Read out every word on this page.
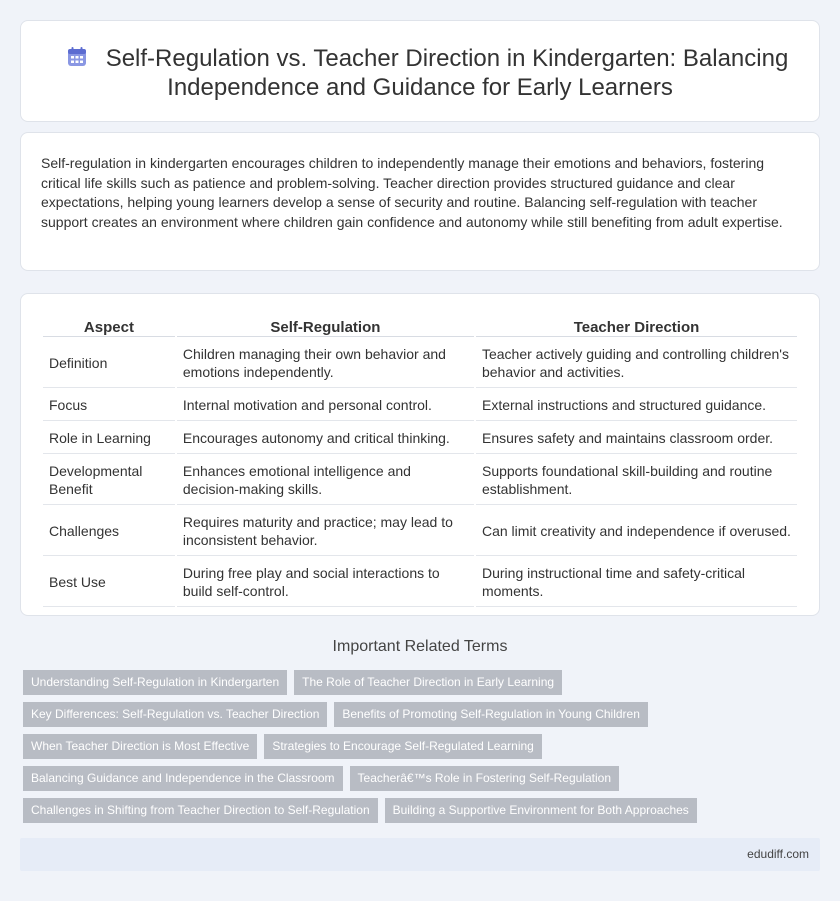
Self-Regulation vs. Teacher Direction in Kindergarten: Balancing
Independence and Guidance for Early Learners

Self-regulation in kindergarten encourages children to independently manage their emotions and behaviors, fostering critical life skills such as patience and problem-solving. Teacher direction provides structured guidance and clear expectations, helping young learners develop a sense of security and routine. Balancing self-regulation with teacher support creates an environment where children gain confidence and autonomy while still benefiting from adult expertise.

Aspect	Self-Regulation	Teacher Direction
Definition	Children managing their own behavior and emotions independently.	Teacher actively guiding and controlling children's behavior and activities.
Focus	Internal motivation and personal control.	External instructions and structured guidance.
Role in Learning	Encourages autonomy and critical thinking.	Ensures safety and maintains classroom order.
Developmental Benefit	Enhances emotional intelligence and decision-making skills.	Supports foundational skill-building and routine establishment.
Challenges	Requires maturity and practice; may lead to inconsistent behavior.	Can limit creativity and independence if overused.
Best Use	During free play and social interactions to build self-control.	During instructional time and safety-critical moments.
Important Related Terms
Understanding Self-Regulation in Kindergarten The Role of Teacher Direction in Early Learning
Key Differences: Self-Regulation vs. Teacher Direction Benefits of Promoting Self-Regulation in Young Children
When Teacher Direction is Most Effective Strategies to Encourage Self-Regulated Learning
Balancing Guidance and Independence in the Classroom Teacherâ€™s Role in Fostering Self-Regulation
Challenges in Shifting from Teacher Direction to Self-Regulation Building a Supportive Environment for Both Approaches
edudiff.com
